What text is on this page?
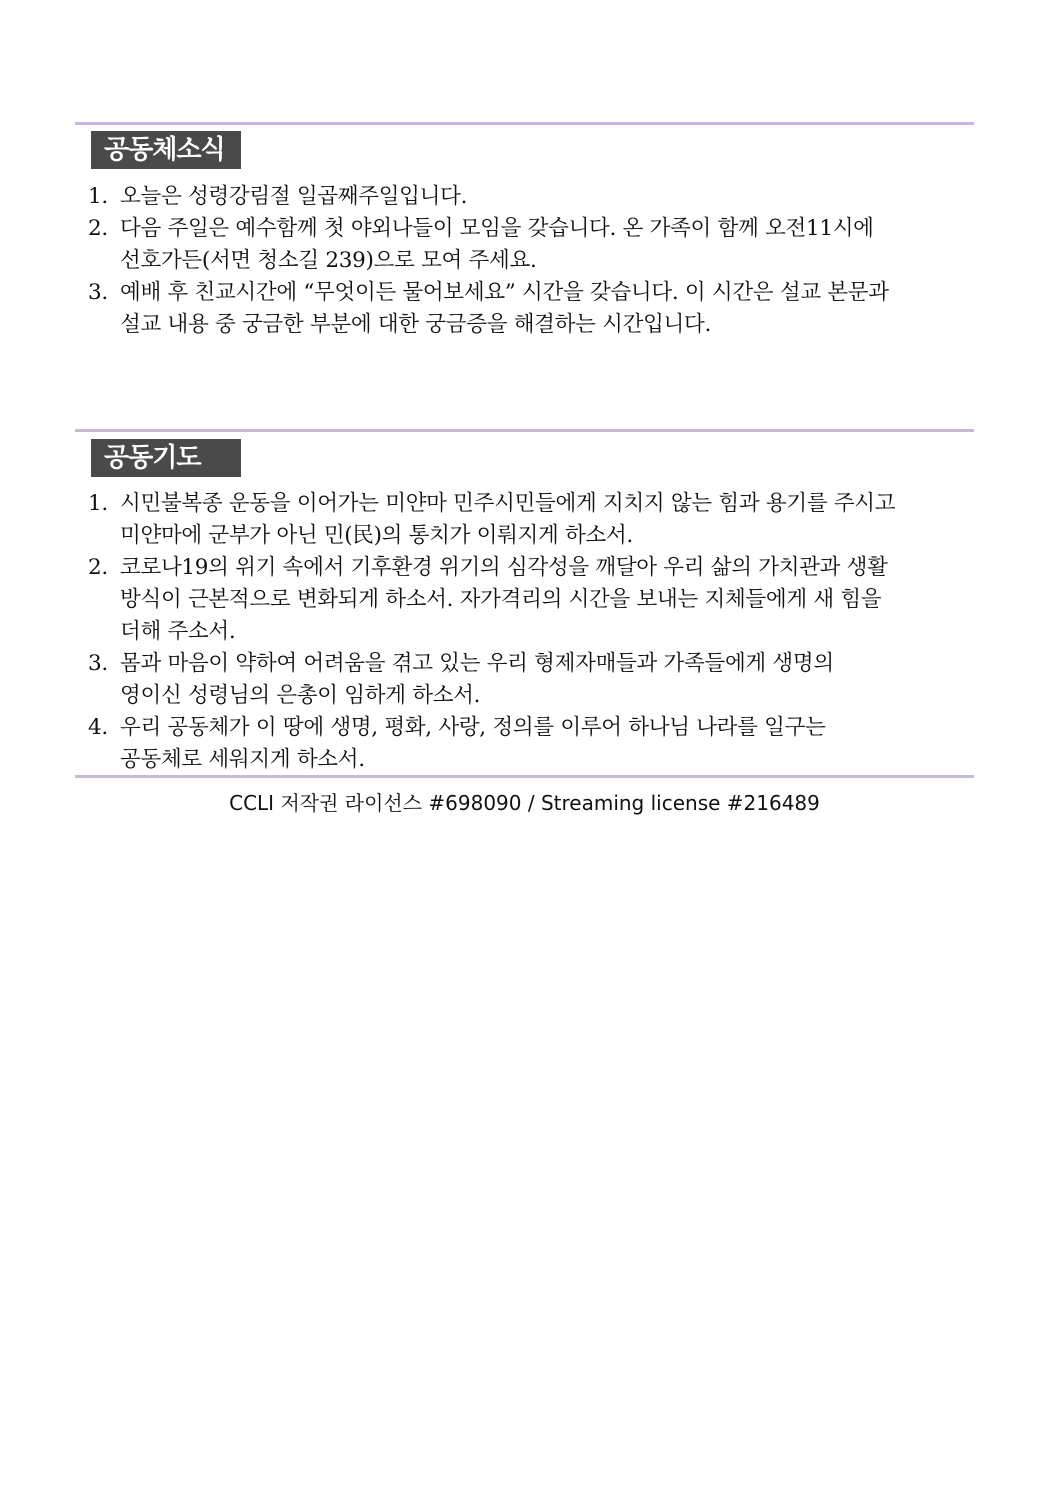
공동체소식
1. 오늘은 성령강림절 일곱째주일입니다.
2. 다음 주일은 예수함께 첫 야외나들이 모임을 갖습니다. 온 가족이 함께 오전11시에
선호가든(서면 청소길 239)으로 모여 주세요.
3. 예배 후 친교시간에 “무엇이든 물어보세요” 시간을 갖습니다. 이 시간은 설교 본문과
설교 내용 중 궁금한 부분에 대한 궁금증을 해결하는 시간입니다.
공동기도
1. 시민불복종 운동을 이어가는 미얀마 민주시민들에게 지치지 않는 힘과 용기를 주시고
미얀마에 군부가 아닌 민(民)의 통치가 이뤄지게 하소서.
2. 코로나19의 위기 속에서 기후환경 위기의 심각성을 깨달아 우리 삶의 가치관과 생활
방식이 근본적으로 변화되게 하소서. 자가격리의 시간을 보내는 지체들에게 새 힘을
더해 주소서.
3. 몸과 마음이 약하여 어려움을 겪고 있는 우리 형제자매들과 가족들에게 생명의
영이신 성령님의 은총이 임하게 하소서.
4. 우리 공동체가 이 땅에 생명, 평화, 사랑, 정의를 이루어 하나님 나라를 일구는
공동체로 세워지게 하소서.
CCLI 저작권 라이선스 #698090 / Streaming license #216489
